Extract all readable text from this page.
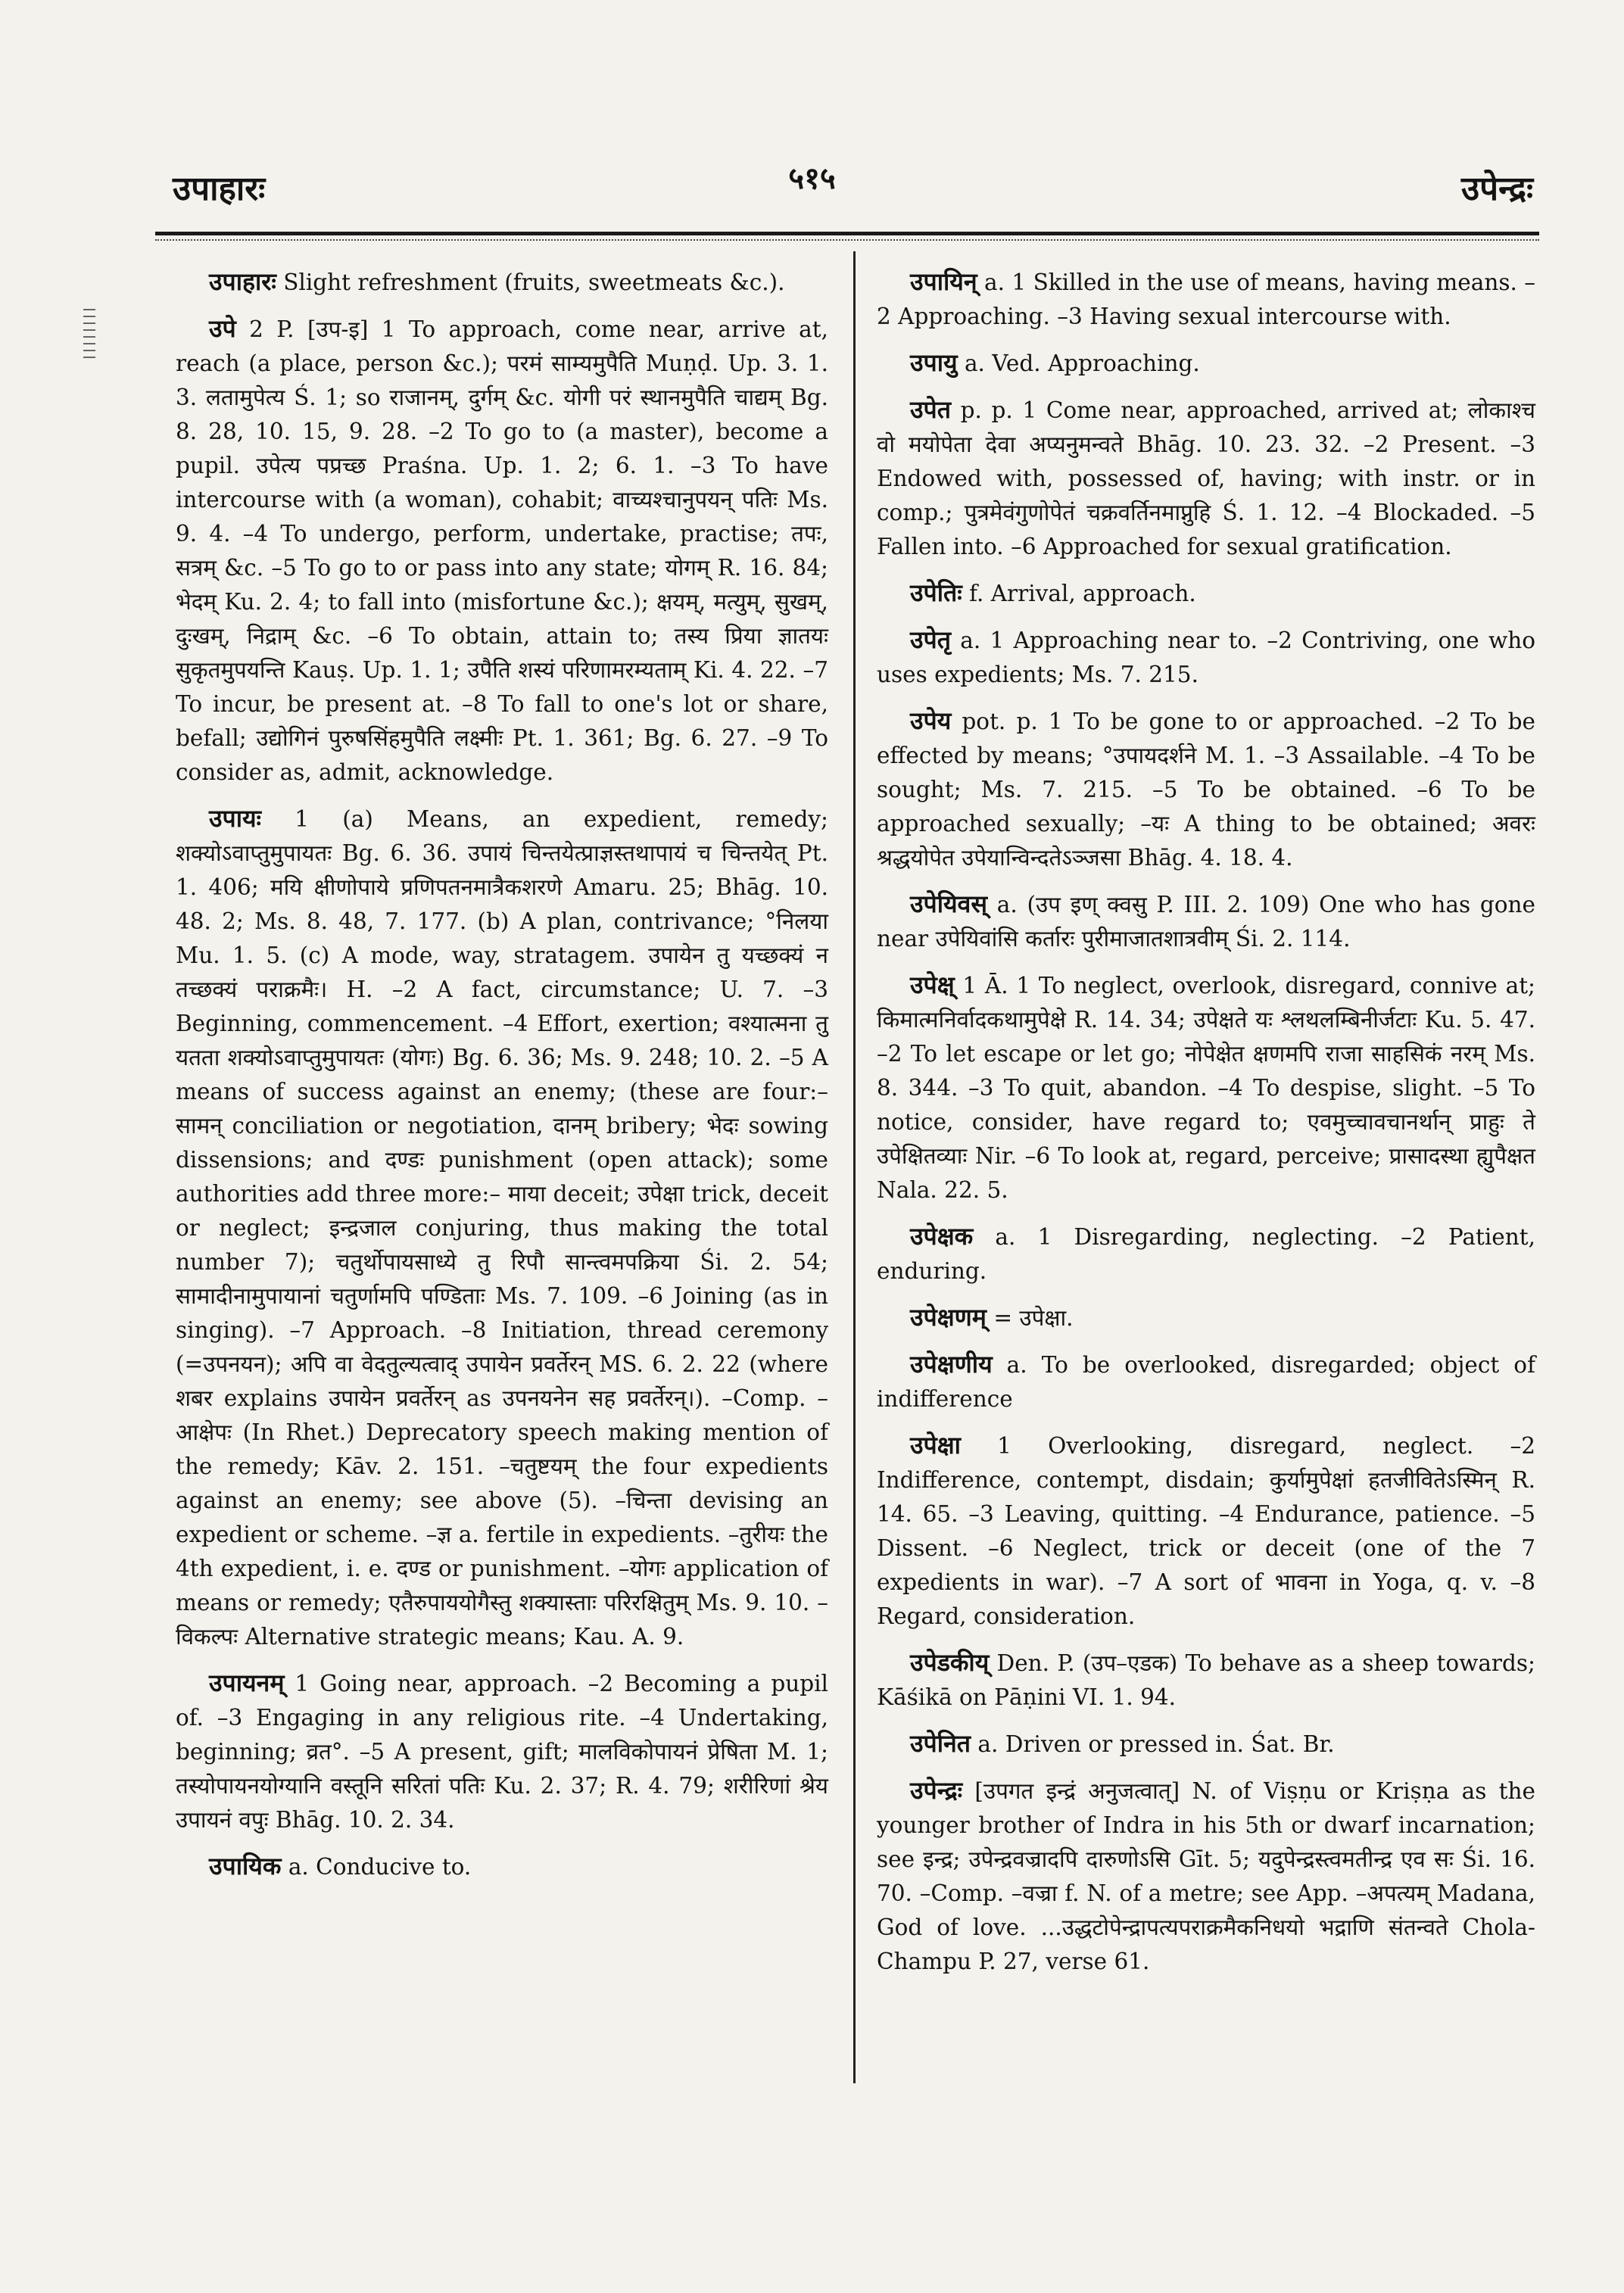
उपाहारः	५१५	उपेन्द्रः

उपाहारः Slight refreshment (fruits, sweetmeats &c.).

उपे 2 P. [उप-इ] 1 To approach, come near, arrive at, reach (a place, person &c.); परमं साम्यमुपैति Muṇḍ. Up. 3. 1. 3. लतामुपेत्य Ś. 1; so राजानम्, दुर्गम् &c. योगी परं स्थानमुपैति चाद्यम् Bg. 8. 28, 10. 15, 9. 28. –2 To go to (a master), become a pupil. उपेत्य पप्रच्छ Praśna. Up. 1. 2; 6. 1. –3 To have intercourse with (a woman), cohabit; वाच्यश्चानुपयन् पतिः Ms. 9. 4. –4 To undergo, perform, undertake, practise; तपः, सत्रम् &c. –5 To go to or pass into any state; योगम् R. 16. 84; भेदम् Ku. 2. 4; to fall into (misfortune &c.); क्षयम्, मत्युम्, सुखम्, दुःखम्, निद्राम् &c. –6 To obtain, attain to; तस्य प्रिया ज्ञातयः सुकृतमुपयन्ति Kauṣ. Up. 1. 1; उपैति शस्यं परिणामरम्यताम् Ki. 4. 22. –7 To incur, be present at. –8 To fall to one's lot or share, befall; उद्योगिनं पुरुषसिंहमुपैति लक्ष्मीः Pt. 1. 361; Bg. 6. 27. –9 To consider as, admit, acknowledge.

उपायः 1 (a) Means, an expedient, remedy; शक्योऽवाप्तुमुपायतः Bg. 6. 36. उपायं चिन्तयेत्प्राज्ञस्तथापायं च चिन्तयेत् Pt. 1. 406; मयि क्षीणोपाये प्रणिपतनमात्रैकशरणे Amaru. 25; Bhāg. 10. 48. 2; Ms. 8. 48, 7. 177. (b) A plan, contrivance; °निलया Mu. 1. 5. (c) A mode, way, stratagem. उपायेन तु यच्छक्यं न तच्छक्यं पराक्रमैः। H. –2 A fact, circumstance; U. 7. –3 Beginning, commencement. –4 Effort, exertion; वश्यात्मना तु यतता शक्योऽवाप्तुमुपायतः (योगः) Bg. 6. 36; Ms. 9. 248; 10. 2. –5 A means of success against an enemy; (these are four:– सामन् conciliation or negotiation, दानम् bribery; भेदः sowing dissensions; and दण्डः punishment (open attack); some authorities add three more:– माया deceit; उपेक्षा trick, deceit or neglect; इन्द्रजाल conjuring, thus making the total number 7); चतुर्थोपायसाध्ये तु रिपौ सान्त्वमपक्रिया Śi. 2. 54; सामादीनामुपायानां चतुर्णामपि पण्डिताः Ms. 7. 109. –6 Joining (as in singing). –7 Approach. –8 Initiation, thread ceremony (=उपनयन); अपि वा वेदतुल्यत्वाद् उपायेन प्रवर्तेरन् MS. 6. 2. 22 (where शबर explains उपायेन प्रवर्तेरन् as उपनयनेन सह प्रवर्तेरन्।). –Comp. –आक्षेपः (In Rhet.) Deprecatory speech making mention of the remedy; Kāv. 2. 151. –चतुष्टयम् the four expedients against an enemy; see above (5). –चिन्ता devising an expedient or scheme. –ज्ञ a. fertile in expedients. –तुरीयः the 4th expedient, i. e. दण्ड or punishment. –योगः application of means or remedy; एतैरुपाययोगैस्तु शक्यास्ताः परिरक्षितुम् Ms. 9. 10. –विकल्पः Alternative strategic means; Kau. A. 9.

उपायनम् 1 Going near, approach. –2 Becoming a pupil of. –3 Engaging in any religious rite. –4 Undertaking, beginning; व्रत°. –5 A present, gift; मालविकोपायनं प्रेषिता M. 1; तस्योपायनयोग्यानि वस्तूनि सरितां पतिः Ku. 2. 37; R. 4. 79; शरीरिणां श्रेय उपायनं वपुः Bhāg. 10. 2. 34.

उपायिक a. Conducive to.

उपायिन् a. 1 Skilled in the use of means, having means. –2 Approaching. –3 Having sexual intercourse with.

उपायु a. Ved. Approaching.

उपेत p. p. 1 Come near, approached, arrived at; लोकाश्च वो मयोपेता देवा अप्यनुमन्वते Bhāg. 10. 23. 32. –2 Present. –3 Endowed with, possessed of, having; with instr. or in comp.; पुत्रमेवंगुणोपेतं चक्रवर्तिनमाप्नुहि Ś. 1. 12. –4 Blockaded. –5 Fallen into. –6 Approached for sexual gratification.

उपेतिः f. Arrival, approach.

उपेतृ a. 1 Approaching near to. –2 Contriving, one who uses expedients; Ms. 7. 215.

उपेय pot. p. 1 To be gone to or approached. –2 To be effected by means; °उपायदर्शने M. 1. –3 Assailable. –4 To be sought; Ms. 7. 215. –5 To be obtained. –6 To be approached sexually; –यः A thing to be obtained; अवरः श्रद्धयोपेत उपेयान्विन्दतेऽञ्जसा Bhāg. 4. 18. 4.

उपेयिवस् a. (उप इण् क्वसु P. III. 2. 109) One who has gone near उपेयिवांसि कर्तारः पुरीमाजातशात्रवीम् Śi. 2. 114.

उपेक्ष् 1 Ā. 1 To neglect, overlook, disregard, connive at; किमात्मनिर्वादकथामुपेक्षे R. 14. 34; उपेक्षते यः श्लथलम्बिनीर्जटाः Ku. 5. 47. –2 To let escape or let go; नोपेक्षेत क्षणमपि राजा साहसिकं नरम् Ms. 8. 344. –3 To quit, abandon. –4 To despise, slight. –5 To notice, consider, have regard to; एवमुच्चावचानर्थान् प्राहुः ते उपेक्षितव्याः Nir. –6 To look at, regard, perceive; प्रासादस्था ह्युपैक्षत Nala. 22. 5.

उपेक्षक a. 1 Disregarding, neglecting. –2 Patient, enduring.

उपेक्षणम् = उपेक्षा.

उपेक्षणीय a. To be overlooked, disregarded; object of indifference

उपेक्षा 1 Overlooking, disregard, neglect. –2 Indifference, contempt, disdain; कुर्यामुपेक्षां हतजीवितेऽस्मिन् R. 14. 65. –3 Leaving, quitting. –4 Endurance, patience. –5 Dissent. –6 Neglect, trick or deceit (one of the 7 expedients in war). –7 A sort of भावना in Yoga, q. v. –8 Regard, consideration.

उपेडकीय् Den. P. (उप–एडक) To behave as a sheep towards; Kāśikā on Pāṇini VI. 1. 94.

उपेनित a. Driven or pressed in. Śat. Br.

उपेन्द्रः [उपगत इन्द्रं अनुजत्वात्] N. of Viṣṇu or Kriṣṇa as the younger brother of Indra in his 5th or dwarf incarnation; see इन्द्र; उपेन्द्रवज्रादपि दारुणोऽसि Gīt. 5; यदुपेन्द्रस्त्वमतीन्द्र एव सः Śi. 16. 70. –Comp. –वज्रा f. N. of a metre; see App. –अपत्यम् Madana, God of love. ...उद्धटोपेन्द्रापत्यपराक्रमैकनिधयो भद्राणि संतन्वते Chola-Champu P. 27, verse 61.
